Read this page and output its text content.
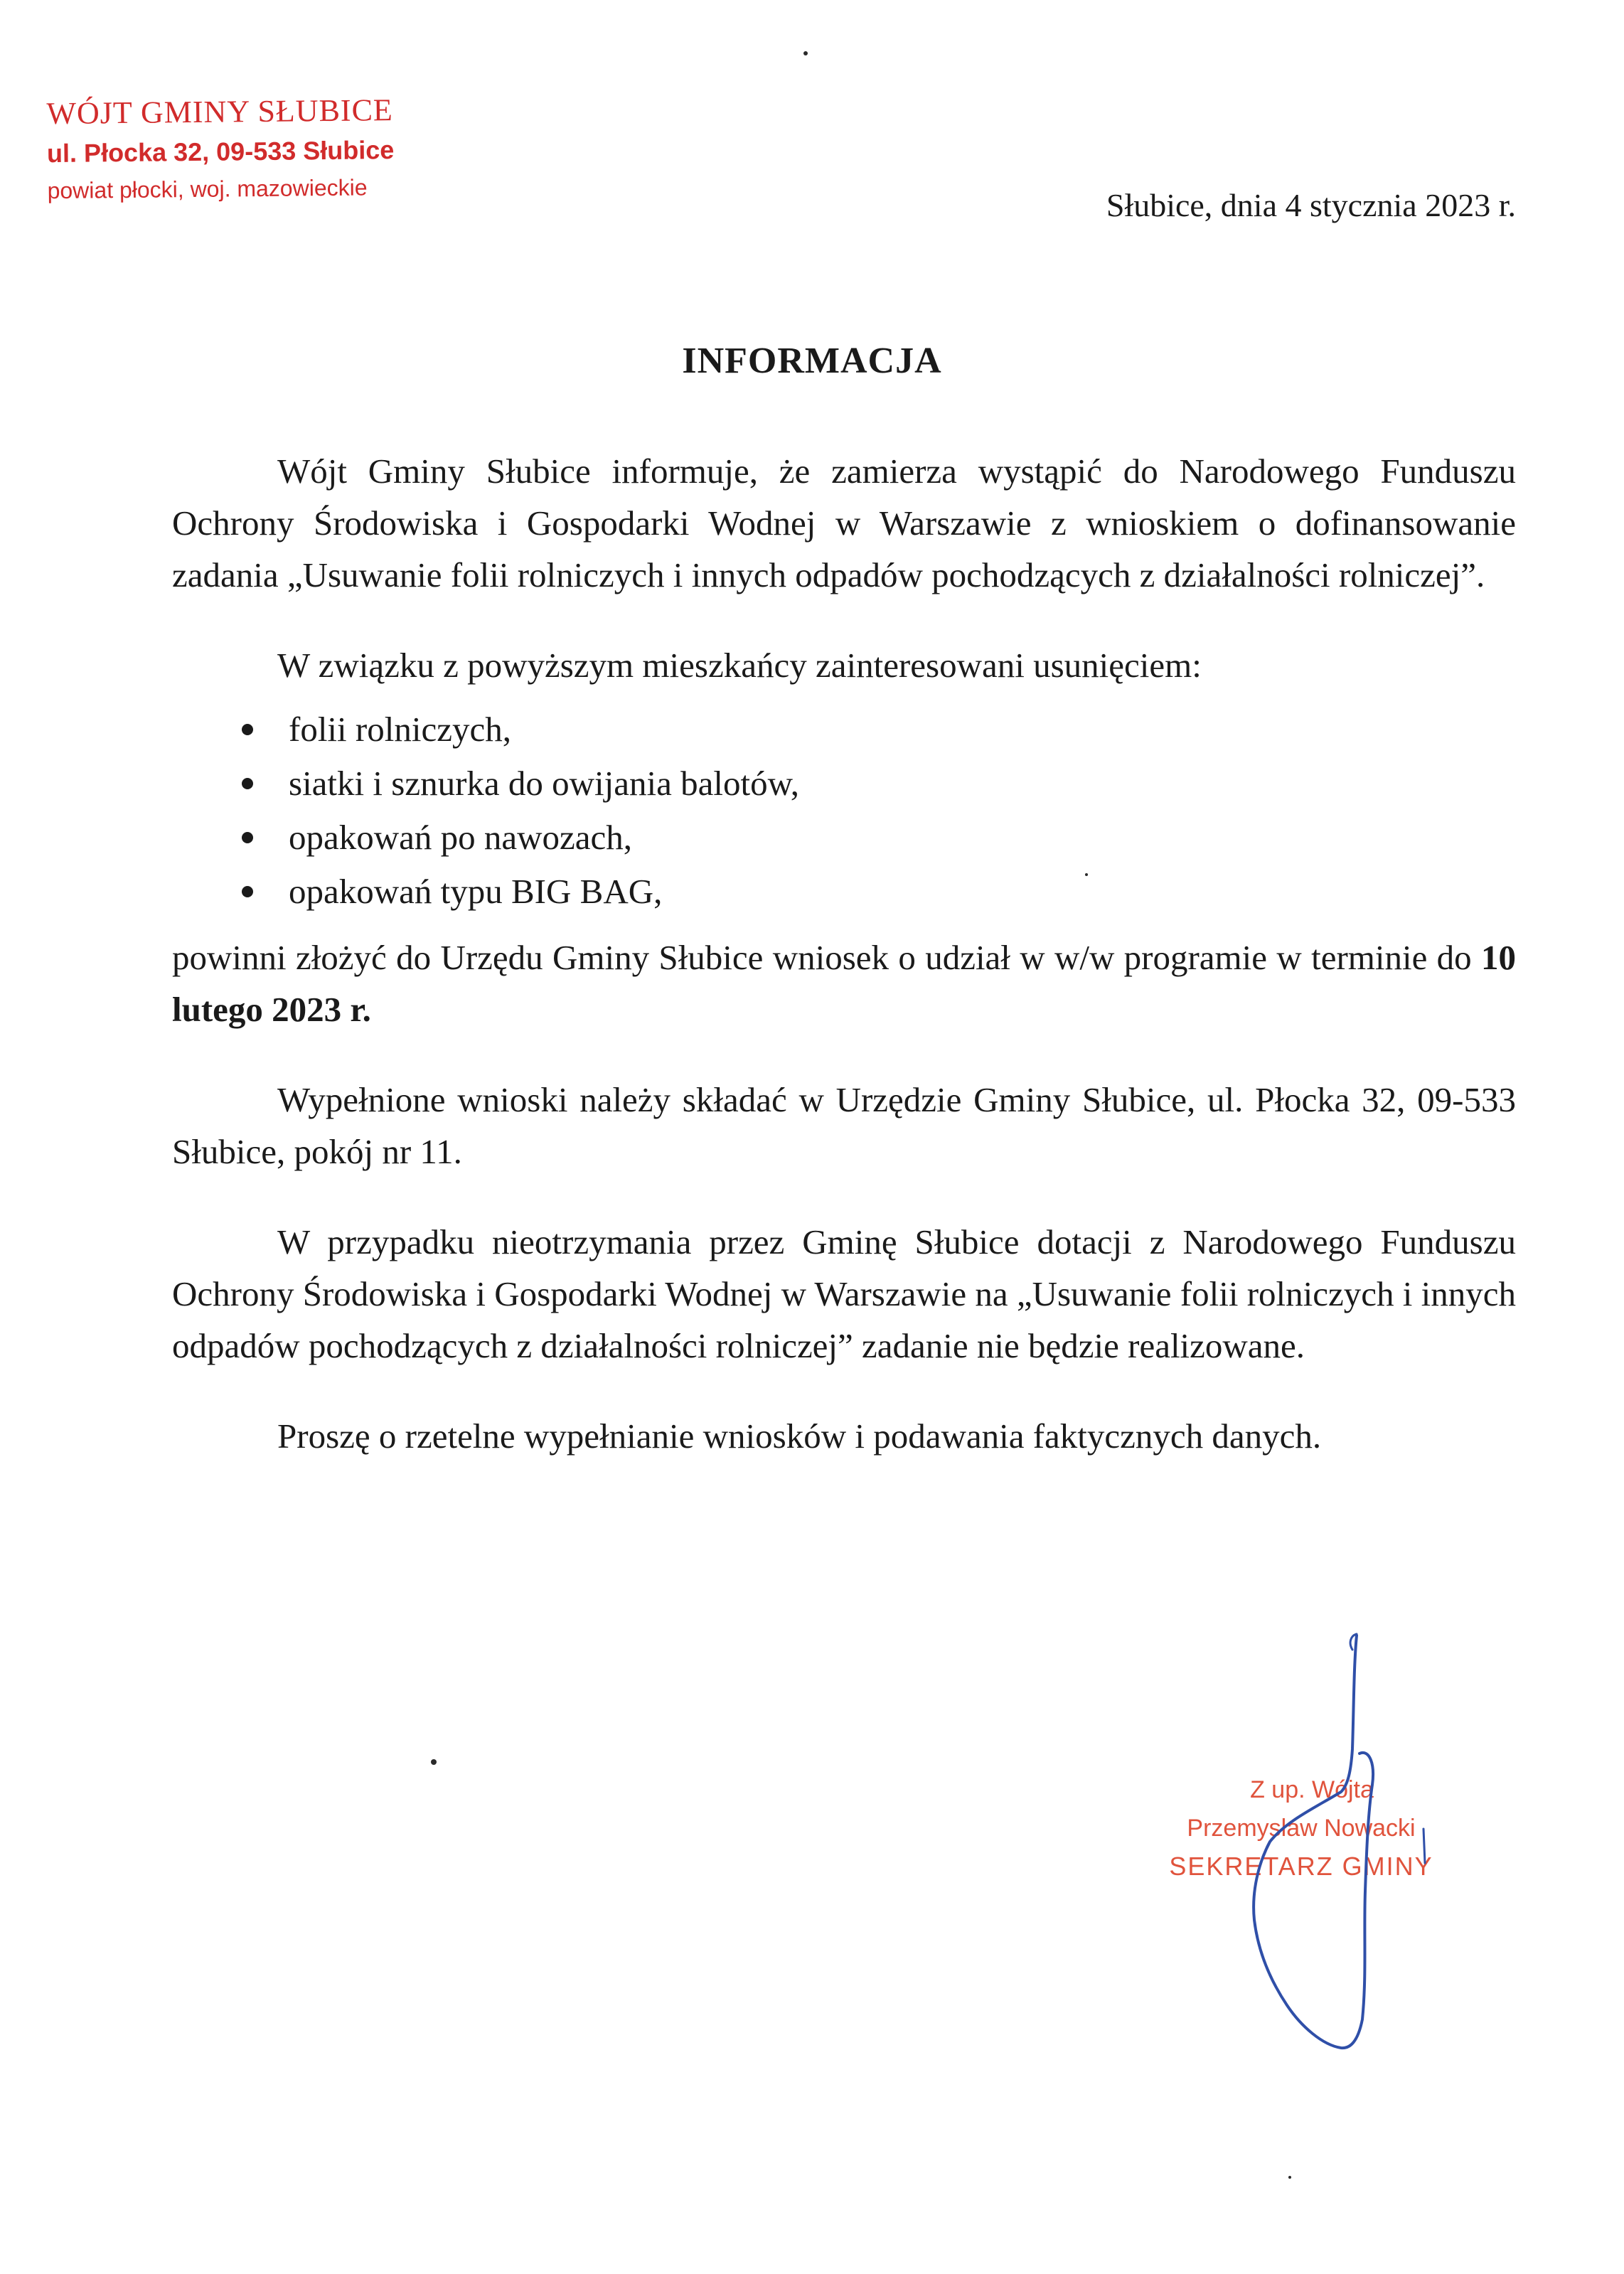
WÓJT GMINY SŁUBICE
ul. Płocka 32, 09-533 Słubice
powiat płocki, woj. mazowieckie	Słubice, dnia 4 stycznia 2023 r.
INFORMACJA

Wójt Gminy Słubice informuje, że zamierza wystąpić do Narodowego Funduszu Ochrony Środowiska i Gospodarki Wodnej w Warszawie z wnioskiem o dofinansowanie zadania „Usuwanie folii rolniczych i innych odpadów pochodzących z działalności rolniczej”.

W związku z powyższym mieszkańcy zainteresowani usunięciem:

folii rolniczych,
siatki i sznurka do owijania balotów,
opakowań po nawozach,
opakowań typu BIG BAG,

powinni złożyć do Urzędu Gminy Słubice wniosek o udział w w/w programie w terminie do 10 lutego 2023 r.

Wypełnione wnioski należy składać w Urzędzie Gminy Słubice, ul. Płocka 32, 09-533 Słubice, pokój nr 11.

W przypadku nieotrzymania przez Gminę Słubice dotacji z Narodowego Funduszu Ochrony Środowiska i Gospodarki Wodnej w Warszawie na „Usuwanie folii rolniczych i innych odpadów pochodzących z działalności rolniczej” zadanie nie będzie realizowane.

Proszę o rzetelne wypełnianie wniosków i podawania faktycznych danych.

Z up. Wójta
Przemysław Nowacki
SEKRETARZ GMINY
